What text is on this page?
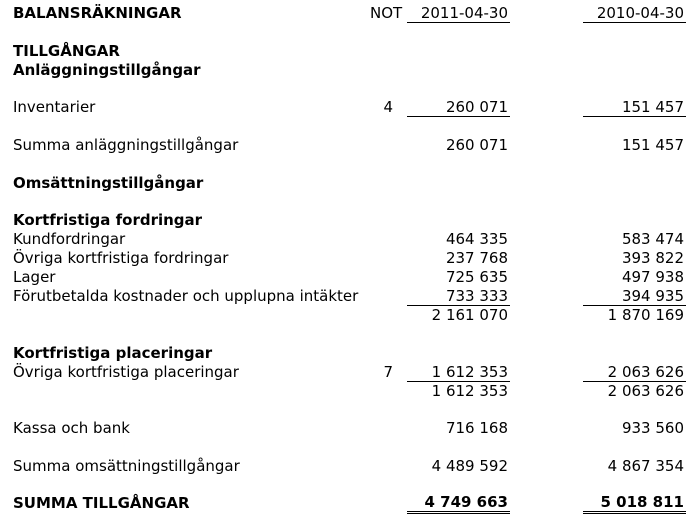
BALANSRÄKNINGAR	NOT	2011-04-30	2010-04-30
TILLGÅNGAR
Anläggningstillgångar
Inventarier	4	260 071	151 457
Summa anläggningstillgångar	260 071	151 457
Omsättningstillgångar
Kortfristiga fordringar
Kundfordringar	464 335	583 474
Övriga kortfristiga fordringar	237 768	393 822
Lager	725 635	497 938
Förutbetalda kostnader och upplupna intäkter	733 333	394 935
2 161 070	1 870 169
Kortfristiga placeringar
Övriga kortfristiga placeringar	7	1 612 353	2 063 626
1 612 353	2 063 626
Kassa och bank	716 168	933 560
Summa omsättningstillgångar	4 489 592	4 867 354
SUMMA TILLGÅNGAR	4 749 663	5 018 811
